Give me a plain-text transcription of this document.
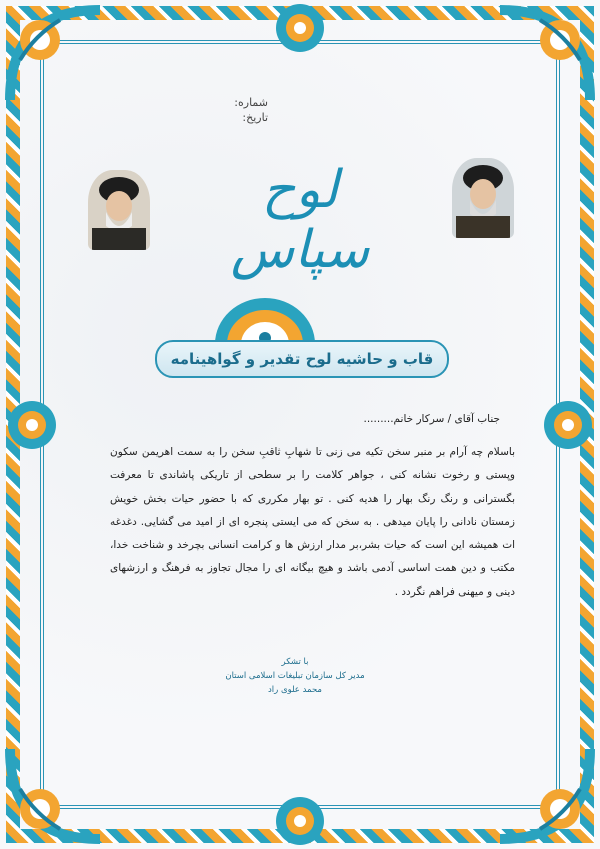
شماره:
تاریخ:
لوح سپاس
قاب و حاشیه لوح تقدیر و گواهینامه
جناب آقای / سرکار خانم.........
باسلام چه آرام بر منبر سخن تکیه می زنی تا شهابِ ثاقبِ سخن را به سمت اهریمن سکون وپستی و رخوت نشانه کنی ، جواهر کلامت را بر سطحی از تاریکی پاشاندی تا معرفت بگسترانی و رنگ رنگ بهار را هدیه کنی . تو بهار مکرری که با حضور حیات بخش خویش زمستان نادانی را پایان میدهی . به سخن که می ایستی پنجره ای از امید می گشایی. دغدغه ات همیشه این است که حیات بشر،بر مدار ارزش ها و کرامت انسانی بچرخد و شناخت خدا، مکتب و دین همت اساسی آدمی باشد و هیچ بیگانه ای را مجال تجاوز به فرهنگ و ارزشهای دینی و میهنی فراهم نگردد .
با تشکر
مدیر کل سازمان تبلیغات اسلامی استان
محمد علوی راد
